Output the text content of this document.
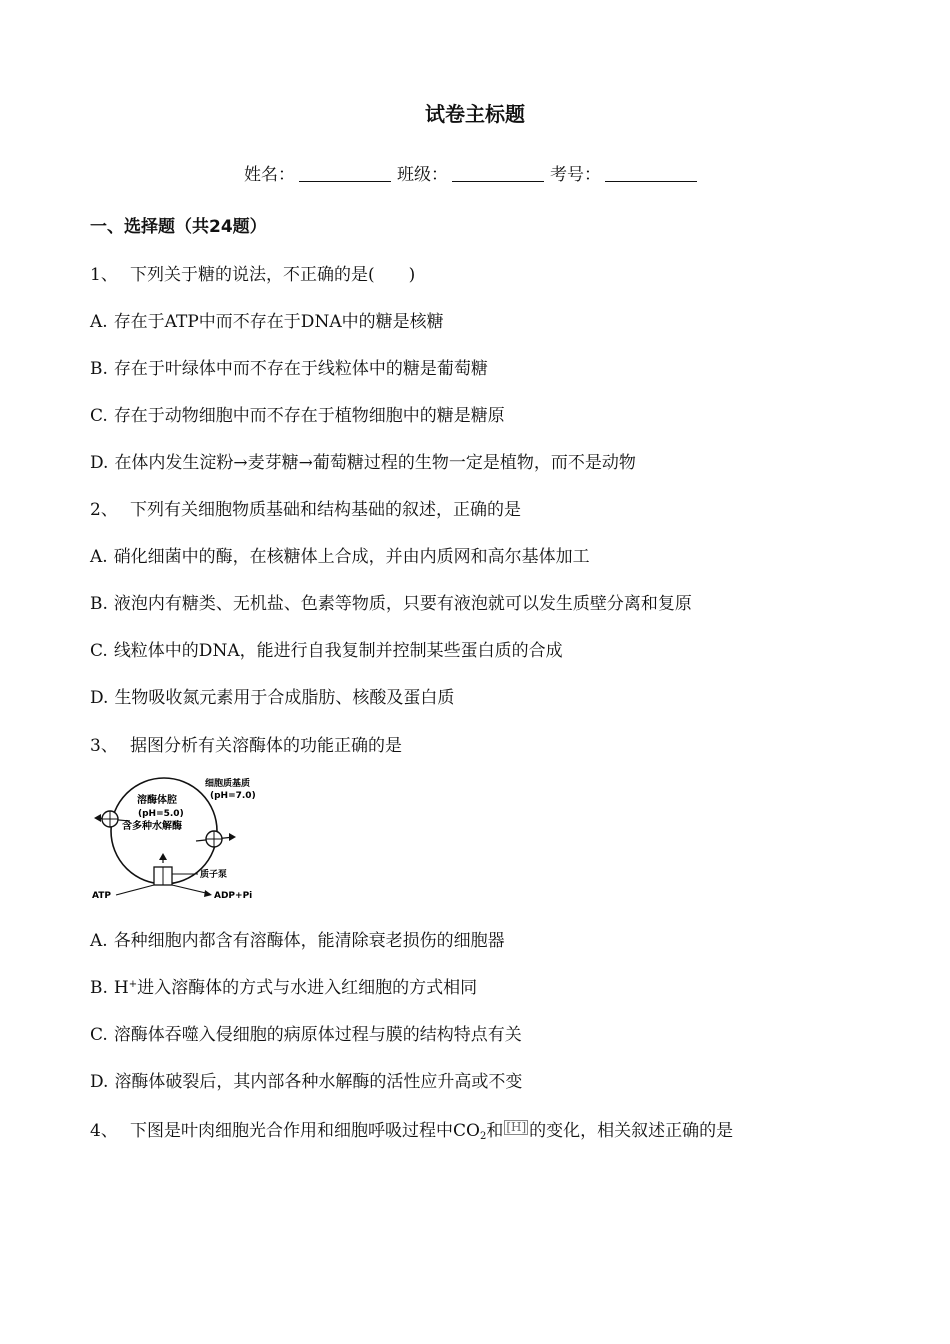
试卷主标题
姓名：	班级：	考号：
一、选择题（共24题）
1、 下列关于糖的说法，不正确的是(　　)
A. 存在于ATP中而不存在于DNA中的糖是核糖
B. 存在于叶绿体中而不存在于线粒体中的糖是葡萄糖
C. 存在于动物细胞中而不存在于植物细胞中的糖是糖原
D. 在体内发生淀粉→麦芽糖→葡萄糖过程的生物一定是植物，而不是动物
2、 下列有关细胞物质基础和结构基础的叙述，正确的是
A. 硝化细菌中的酶，在核糖体上合成，并由内质网和高尔基体加工
B. 液泡内有糖类、无机盐、色素等物质，只要有液泡就可以发生质壁分离和复原
C. 线粒体中的DNA，能进行自我复制并控制某些蛋白质的合成
D. 生物吸收氮元素用于合成脂肪、核酸及蛋白质
3、 据图分析有关溶酶体的功能正确的是
溶酶体腔
(pH=5.0)
含多种水解酶
细胞质基质
(pH=7.0)
质子泵
ATP	ADP+Pi
A. 各种细胞内都含有溶酶体，能清除衰老损伤的细胞器
B. H+进入溶酶体的方式与水进入红细胞的方式相同
C. 溶酶体吞噬入侵细胞的病原体过程与膜的结构特点有关
D. 溶酶体破裂后，其内部各种水解酶的活性应升高或不变
4、 下图是叶肉细胞光合作用和细胞呼吸过程中$CO_2$和 [H] 的变化，相关叙述正确的是
